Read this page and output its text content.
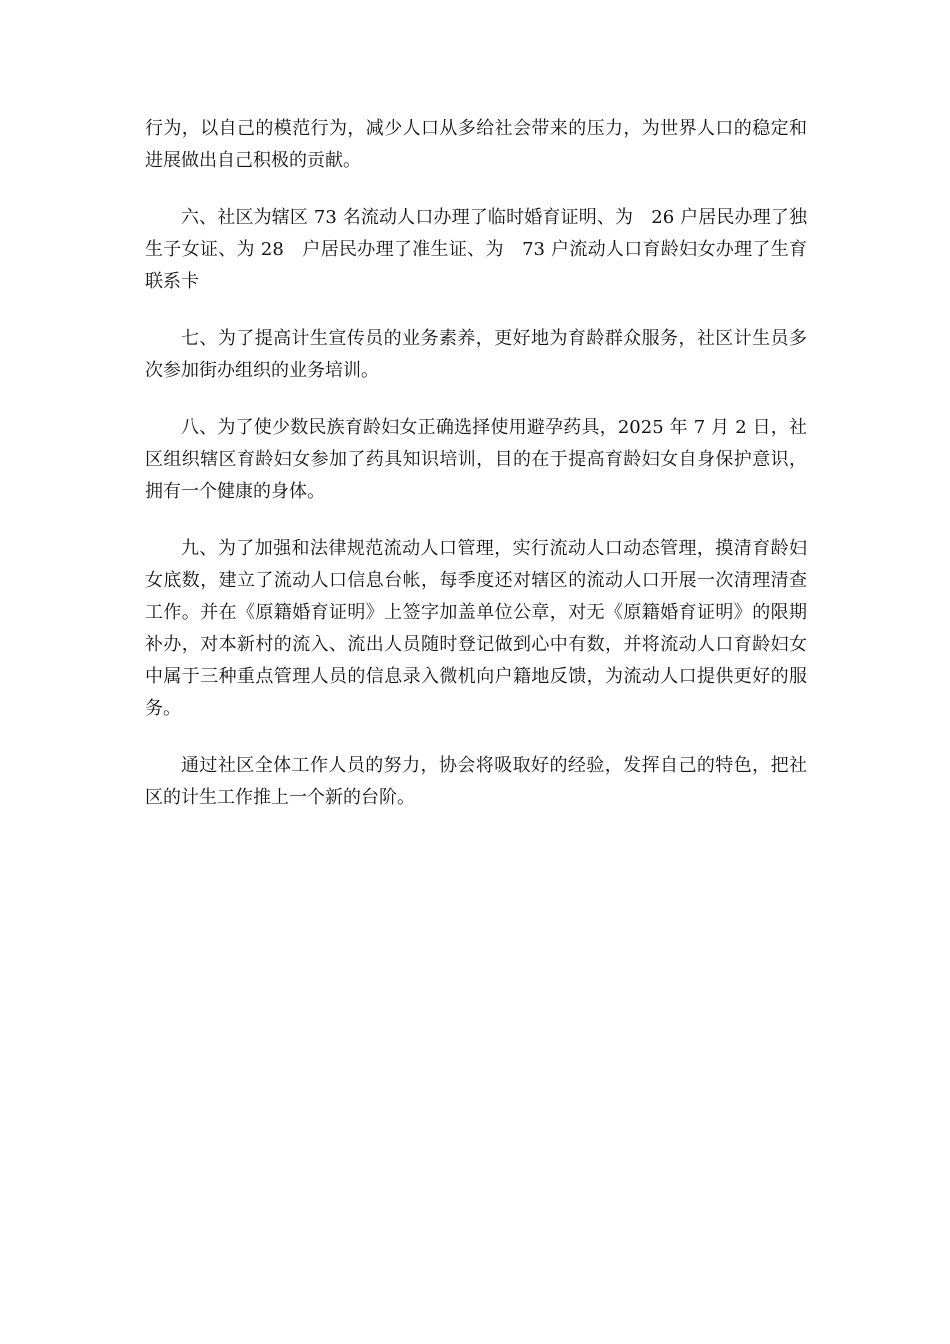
行为，以自己的模范行为，减少人口从多给社会带来的压力，为世界人口的稳定和进展做出自己积极的贡献。

六、社区为辖区 73 名流动人口办理了临时婚育证明、为　26 户居民办理了独生子女证、为 28　户居民办理了准生证、为　73 户流动人口育龄妇女办理了生育联系卡

七、为了提高计生宣传员的业务素养，更好地为育龄群众服务，社区计生员多次参加街办组织的业务培训。

八、为了使少数民族育龄妇女正确选择使用避孕药具，2025 年 7 月 2 日，社区组织辖区育龄妇女参加了药具知识培训，目的在于提高育龄妇女自身保护意识，拥有一个健康的身体。

九、为了加强和法律规范流动人口管理，实行流动人口动态管理，摸清育龄妇女底数，建立了流动人口信息台帐，每季度还对辖区的流动人口开展一次清理清查工作。并在《原籍婚育证明》上签字加盖单位公章，对无《原籍婚育证明》的限期补办，对本新村的流入、流出人员随时登记做到心中有数，并将流动人口育龄妇女中属于三种重点管理人员的信息录入微机向户籍地反馈，为流动人口提供更好的服务。

通过社区全体工作人员的努力，协会将吸取好的经验，发挥自己的特色，把社区的计生工作推上一个新的台阶。
